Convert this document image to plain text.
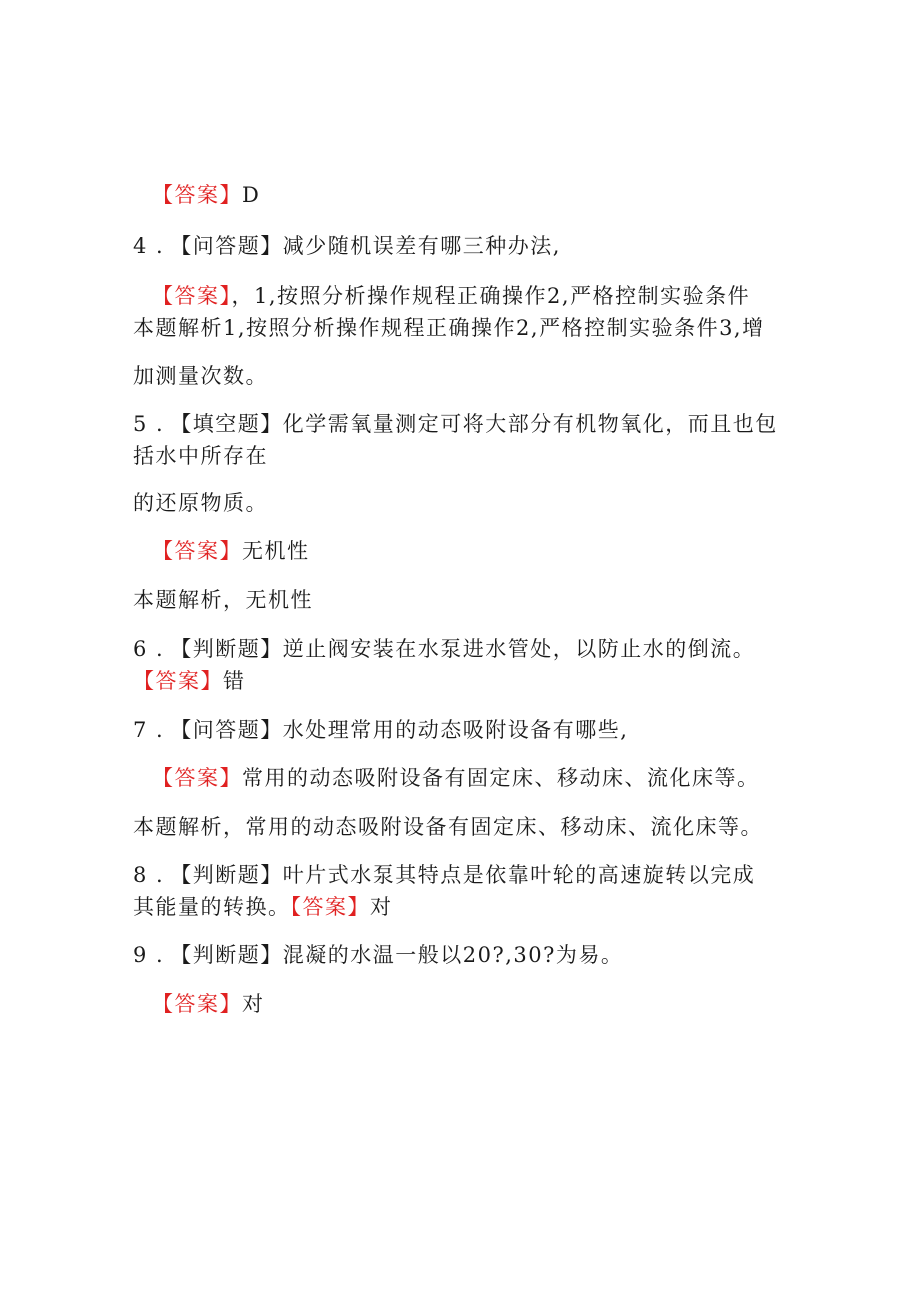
【答案】D
4 . 【问答题】减少随机误差有哪三种办法,
【答案】，1,按照分析操作规程正确操作2,严格控制实验条件
本题解析1,按照分析操作规程正确操作2,严格控制实验条件3,增
加测量次数。
5 . 【填空题】化学需氧量测定可将大部分有机物氧化，而且也包
括水中所存在
的还原物质。
【答案】无机性
本题解析，无机性
6 . 【判断题】逆止阀安装在水泵进水管处，以防止水的倒流。
【答案】错
7 . 【问答题】水处理常用的动态吸附设备有哪些,
【答案】常用的动态吸附设备有固定床、移动床、流化床等。
本题解析，常用的动态吸附设备有固定床、移动床、流化床等。
8 . 【判断题】叶片式水泵其特点是依靠叶轮的高速旋转以完成
其能量的转换。【答案】对
9 . 【判断题】混凝的水温一般以20?,30?为易。
【答案】对
